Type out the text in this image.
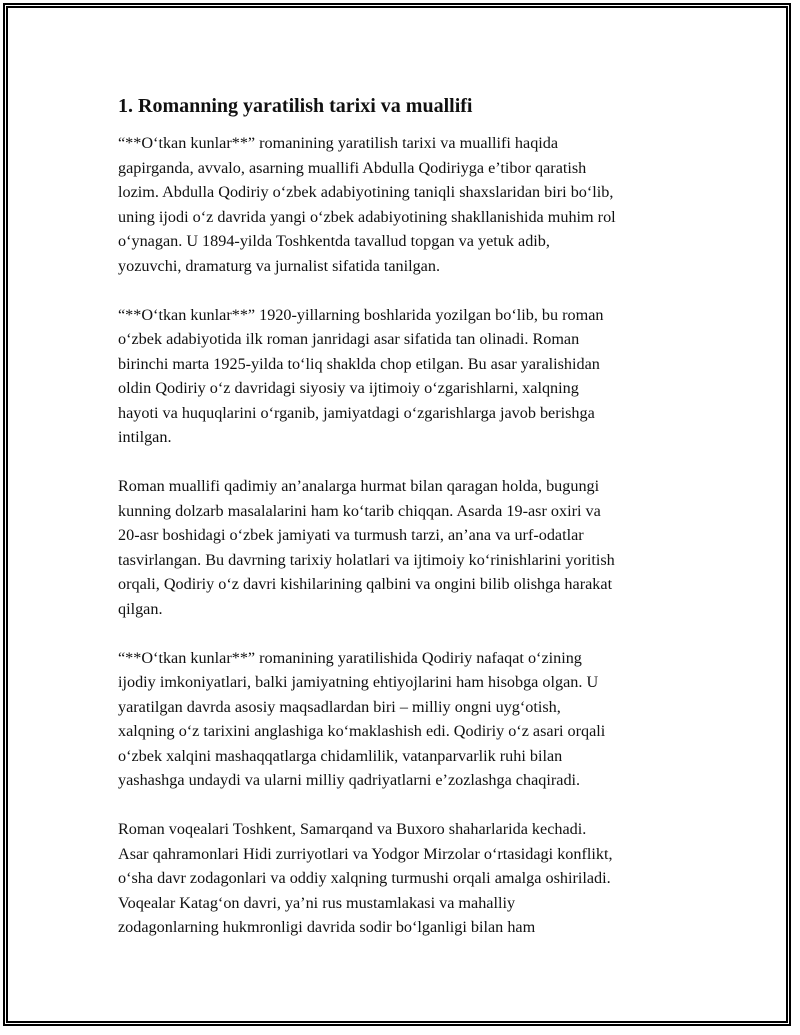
1. Romanning yaratilish tarixi va muallifi

“**O‘tkan kunlar**” romanining yaratilish tarixi va muallifi haqida
gapirganda, avvalo, asarning muallifi Abdulla Qodiriyga e’tibor qaratish
lozim. Abdulla Qodiriy o‘zbek adabiyotining taniqli shaxslaridan biri bo‘lib,
uning ijodi o‘z davrida yangi o‘zbek adabiyotining shakllanishida muhim rol
o‘ynagan. U 1894-yilda Toshkentda tavallud topgan va yetuk adib,
yozuvchi, dramaturg va jurnalist sifatida tanilgan.

“**O‘tkan kunlar**” 1920-yillarning boshlarida yozilgan bo‘lib, bu roman
o‘zbek adabiyotida ilk roman janridagi asar sifatida tan olinadi. Roman
birinchi marta 1925-yilda to‘liq shaklda chop etilgan. Bu asar yaralishidan
oldin Qodiriy o‘z davridagi siyosiy va ijtimoiy o‘zgarishlarni, xalqning
hayoti va huquqlarini o‘rganib, jamiyatdagi o‘zgarishlarga javob berishga
intilgan.

Roman muallifi qadimiy an’analarga hurmat bilan qaragan holda, bugungi
kunning dolzarb masalalarini ham ko‘tarib chiqqan. Asarda 19-asr oxiri va
20-asr boshidagi o‘zbek jamiyati va turmush tarzi, an’ana va urf-odatlar
tasvirlangan. Bu davrning tarixiy holatlari va ijtimoiy ko‘rinishlarini yoritish
orqali, Qodiriy o‘z davri kishilarining qalbini va ongini bilib olishga harakat
qilgan.

“**O‘tkan kunlar**” romanining yaratilishida Qodiriy nafaqat o‘zining
ijodiy imkoniyatlari, balki jamiyatning ehtiyojlarini ham hisobga olgan. U
yaratilgan davrda asosiy maqsadlardan biri – milliy ongni uyg‘otish,
xalqning o‘z tarixini anglashiga ko‘maklashish edi. Qodiriy o‘z asari orqali
o‘zbek xalqini mashaqqatlarga chidamlilik, vatanparvarlik ruhi bilan
yashashga undaydi va ularni milliy qadriyatlarni e’zozlashga chaqiradi.

Roman voqealari Toshkent, Samarqand va Buxoro shaharlarida kechadi.
Asar qahramonlari Hidi zurriyotlari va Yodgor Mirzolar o‘rtasidagi konflikt,
o‘sha davr zodagonlari va oddiy xalqning turmushi orqali amalga oshiriladi.
Voqealar Katag‘on davri, ya’ni rus mustamlakasi va mahalliy
zodagonlarning hukmronligi davrida sodir bo‘lganligi bilan ham
